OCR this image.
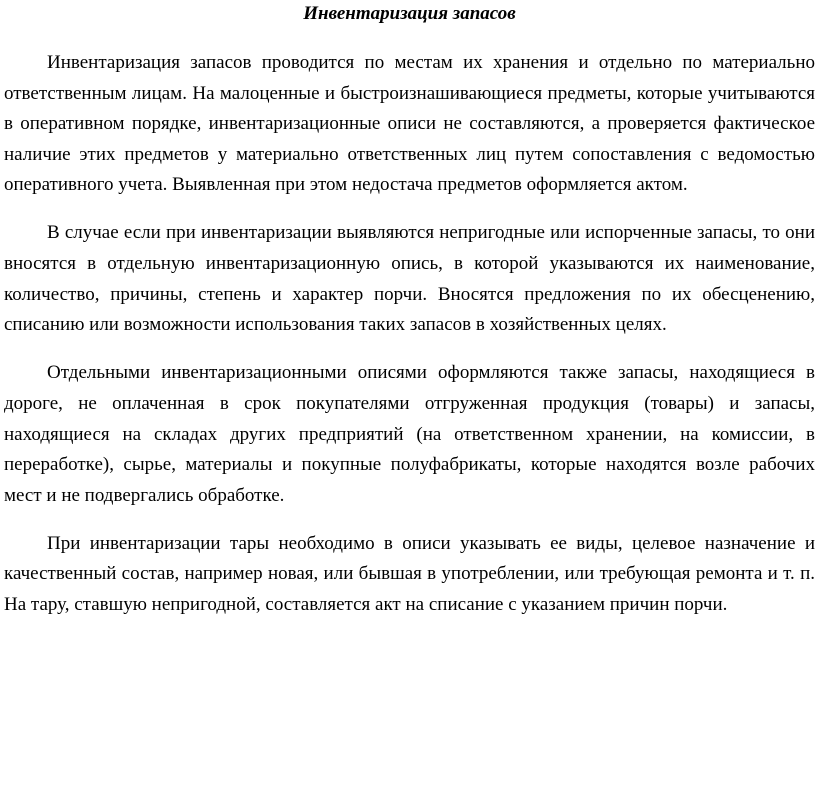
Инвентаризация запасов

Инвентаризация запасов проводится по местам их хранения и отдельно по материально ответственным лицам. На малоценные и быстроизнашивающиеся предметы, которые учитываются в оперативном порядке, инвентаризационные описи не составляются, а проверяется фактическое наличие этих предметов у материально ответственных лиц путем сопоставления с ведомостью оперативного учета. Выявленная при этом недостача предметов оформляется актом.

В случае если при инвентаризации выявляются непригодные или испорченные запасы, то они вносятся в отдельную инвентаризационную опись, в которой указываются их наименование, количество, причины, степень и характер порчи. Вносятся предложения по их обесценению, списанию или возможности использования таких запасов в хозяйственных целях.

Отдельными инвентаризационными описями оформляются также запасы, находящиеся в дороге, не оплаченная в срок покупателями отгруженная продукция (товары) и запасы, находящиеся на складах других предприятий (на ответственном хранении, на комиссии, в переработке), сырье, материалы и покупные полуфабрикаты, которые находятся возле рабочих мест и не подвергались обработке.

При инвентаризации тары необходимо в описи указывать ее виды, целевое назначение и качественный состав, например новая, или бывшая в употреблении, или требующая ремонта и т. п. На тару, ставшую непригодной, составляется акт на списание с указанием причин порчи.
